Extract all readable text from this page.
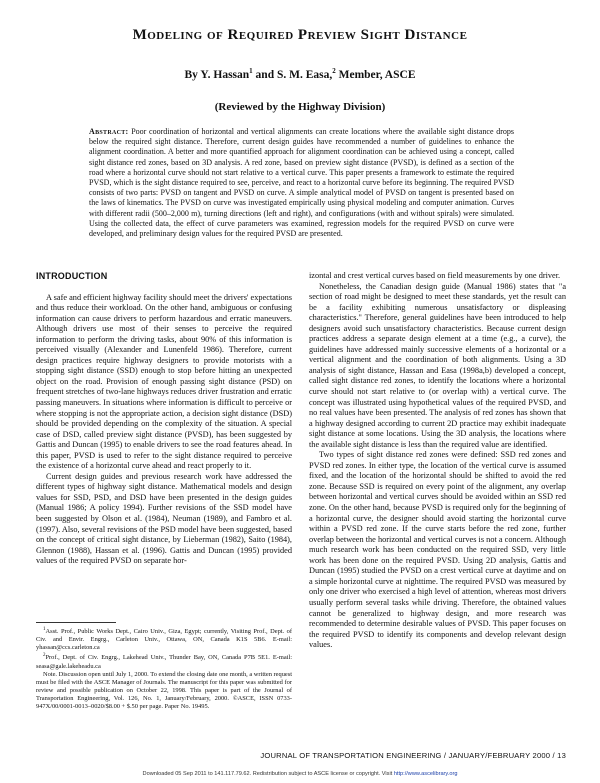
Modeling of Required Preview Sight Distance
By Y. Hassan$^1$ and S. M. Easa,$^2$ Member, ASCE
(Reviewed by the Highway Division)
Abstract: Poor coordination of horizontal and vertical alignments can create locations where the available sight distance drops below the required sight distance. Therefore, current design guides have recommended a number of guidelines to enhance the alignment coordination. A better and more quantified approach for alignment coordination can be achieved using a concept, called sight distance red zones, based on 3D analysis. A red zone, based on preview sight distance (PVSD), is defined as a section of the road where a horizontal curve should not start relative to a vertical curve. This paper presents a framework to estimate the required PVSD, which is the sight distance required to see, perceive, and react to a horizontal curve before its beginning. The required PVSD consists of two parts: PVSD on tangent and PVSD on curve. A simple analytical model of PVSD on tangent is presented based on the laws of kinematics. The PVSD on curve was investigated empirically using physical modeling and computer animation. Curves with different radii (500–2,000 m), turning directions (left and right), and configurations (with and without spirals) were simulated. Using the collected data, the effect of curve parameters was examined, regression models for the required PVSD on curve were developed, and preliminary design values for the required PVSD are presented.
INTRODUCTION

A safe and efficient highway facility should meet the drivers' expectations and thus reduce their workload. On the other hand, ambiguous or confusing information can cause drivers to perform hazardous and erratic maneuvers. Although drivers use most of their senses to perceive the required information to perform the driving tasks, about 90% of this information is perceived visually (Alexander and Lunenfeld 1986). Therefore, current design practices require highway designers to provide motorists with a stopping sight distance (SSD) enough to stop before hitting an unexpected object on the road. Provision of enough passing sight distance (PSD) on frequent stretches of two-lane highways reduces driver frustration and erratic passing maneuvers. In situations where information is difficult to perceive or where stopping is not the appropriate action, a decision sight distance (DSD) should be provided depending on the complexity of the situation. A special case of DSD, called preview sight distance (PVSD), has been suggested by Gattis and Duncan (1995) to enable drivers to see the road features ahead. In this paper, PVSD is used to refer to the sight distance required to perceive the existence of a horizontal curve ahead and react properly to it.

Current design guides and previous research work have addressed the different types of highway sight distance. Mathematical models and design values for SSD, PSD, and DSD have been presented in the design guides (Manual 1986; A policy 1994). Further revisions of the SSD model have been suggested by Olson et al. (1984), Neuman (1989), and Fambro et al. (1997). Also, several revisions of the PSD model have been suggested, based on the concept of critical sight distance, by Lieberman (1982), Saito (1984), Glennon (1988), Hassan et al. (1996). Gattis and Duncan (1995) provided values of the required PVSD on separate hor-

izontal and crest vertical curves based on field measurements by one driver.

Nonetheless, the Canadian design guide (Manual 1986) states that "a section of road might be designed to meet these standards, yet the result can be a facility exhibiting numerous unsatisfactory or displeasing characteristics." Therefore, general guidelines have been introduced to help designers avoid such unsatisfactory characteristics. Because current design practices address a separate design element at a time (e.g., a curve), the guidelines have addressed mainly successive elements of a horizontal or a vertical alignment and the coordination of both alignments. Using a 3D analysis of sight distance, Hassan and Easa (1998a,b) developed a concept, called sight distance red zones, to identify the locations where a horizontal curve should not start relative to (or overlap with) a vertical curve. The concept was illustrated using hypothetical values of the required PVSD, and no real values have been presented. The analysis of red zones has shown that a highway designed according to current 2D practice may exhibit inadequate sight distance at some locations. Using the 3D analysis, the locations where the available sight distance is less than the required value are identified.

Two types of sight distance red zones were defined: SSD red zones and PVSD red zones. In either type, the location of the vertical curve is assumed fixed, and the location of the horizontal should be shifted to avoid the red zone. Because SSD is required on every point of the alignment, any overlap between horizontal and vertical curves should be avoided within an SSD red zone. On the other hand, because PVSD is required only for the beginning of a horizontal curve, the designer should avoid starting the horizontal curve within a PVSD red zone. If the curve starts before the red zone, further overlap between the horizontal and vertical curves is not a concern. Although much research work has been conducted on the required SSD, very little work has been done on the required PVSD. Using 2D analysis, Gattis and Duncan (1995) studied the PVSD on a crest vertical curve at daytime and on a simple horizontal curve at nighttime. The required PVSD was measured by only one driver who exercised a high level of attention, whereas most drivers usually perform several tasks while driving. Therefore, the obtained values cannot be generalized to highway design, and more research was recommended to determine desirable values of PVSD. This paper focuses on the required PVSD to identify its components and develop relevant design values.

$^1$Asst. Prof., Public Works Dept., Cairo Univ., Giza, Egypt; currently, Visiting Prof., Dept. of Civ. and Envir. Engrg., Carleton Univ., Ottawa, ON, Canada K1S 5B6. E-mail: yhassan@ccs.carleton.ca

$^2$Prof., Dept. of Civ. Engrg., Lakehead Univ., Thunder Bay, ON, Canada P7B 5E1. E-mail: seasa@gale.lakeheadu.ca

Note. Discussion open until July 1, 2000. To extend the closing date one month, a written request must be filed with the ASCE Manager of Journals. The manuscript for this paper was submitted for review and possible publication on October 22, 1998. This paper is part of the Journal of Transportation Engineering, Vol. 126, No. 1, January/February, 2000. ©ASCE, ISSN 0733-947X/00/0001-0013–0020/$8.00 + $.50 per page. Paper No. 19495.

JOURNAL OF TRANSPORTATION ENGINEERING / JANUARY/FEBRUARY 2000 / 13
Downloaded 05 Sep 2011 to 141.117.79.62. Redistribution subject to ASCE license or copyright. Visit http://www.ascelibrary.org
